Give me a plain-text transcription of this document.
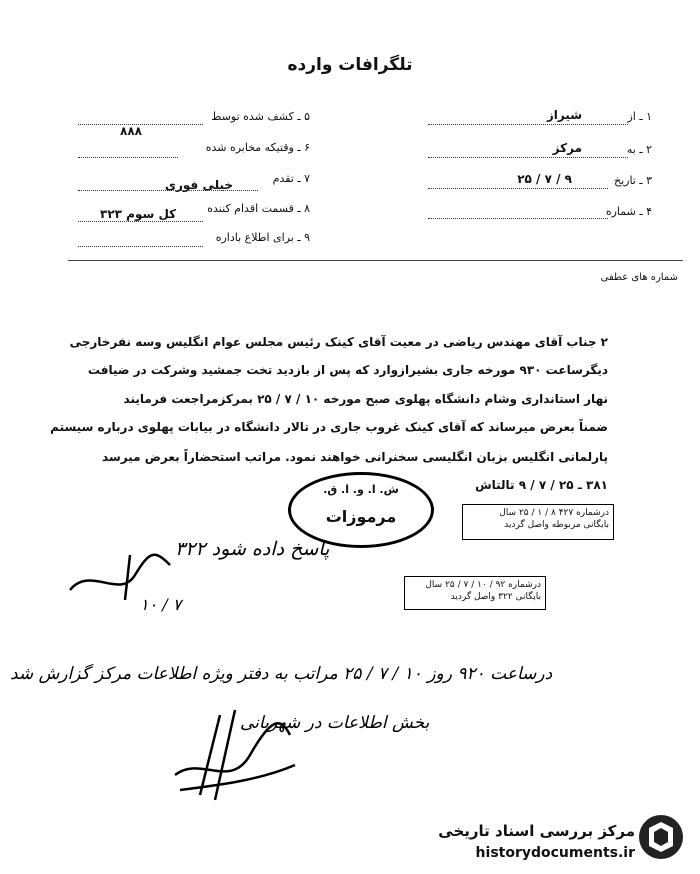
تلگرافات وارده
۱ ـ از
شیراز
۲ ـ به
مرکز
۳ ـ تاریخ
۲۵ / ۷ / ۹
۴ ـ شماره
۵ ـ کشف شده توسط
۸۸۸
۶ ـ وقتیکه مخابره شده
۷ ـ تقدم
خیلی فوری
۸ ـ قسمت اقدام کننده
کل سوم ۳۲۳
۹ ـ برای اطلاع باداره
شماره های عطفی
۲ جناب آقای مهندس ریاضی در معیت آقای کینک رئیس مجلس عوام انگلیس وسه نفرخارجی
دیگرساعت ۹۳۰ مورخه جاری بشیرازوارد که پس از بازدید تخت جمشید وشرکت در ضیافت
نهار استانداری وشام دانشگاه پهلوی صبح مورخه ۱۰ / ۷ / ۲۵ بمرکزمراجعت فرمایند
ضمناً بعرض میرساند که آقای کینک غروب جاری در تالار دانشگاه در بیابات پهلوی درباره سیستم
پارلمانی انگلیس بزبان انگلیسی سخنرانی خواهند نمود. مراتب استحضاراً بعرض میرسد
۳۸۱ ـ ۲۵ / ۷ / ۹ تالتاش
ش. ا. و. ا. ق.
مرموزات	درشماره ۴۲۷ ۸ / ۱ / ۲۵ سال
بایگانی مربوطه واصل گردید
درشماره ۹۲ / ۱۰ / ۷ / ۲۵ سال
بایگانی ۳۲۲ واصل گردید
پاسخ داده شود ۳۲۲
۱۰ / ۷
درساعت ۹۲۰ روز ۱۰ / ۷ / ۲۵ مراتب به دفتر ویژه اطلاعات مرکز گزارش شد
بخش اطلاعات در شهربانی
مرکز بررسی اسناد تاریخی
historydocuments.ir
